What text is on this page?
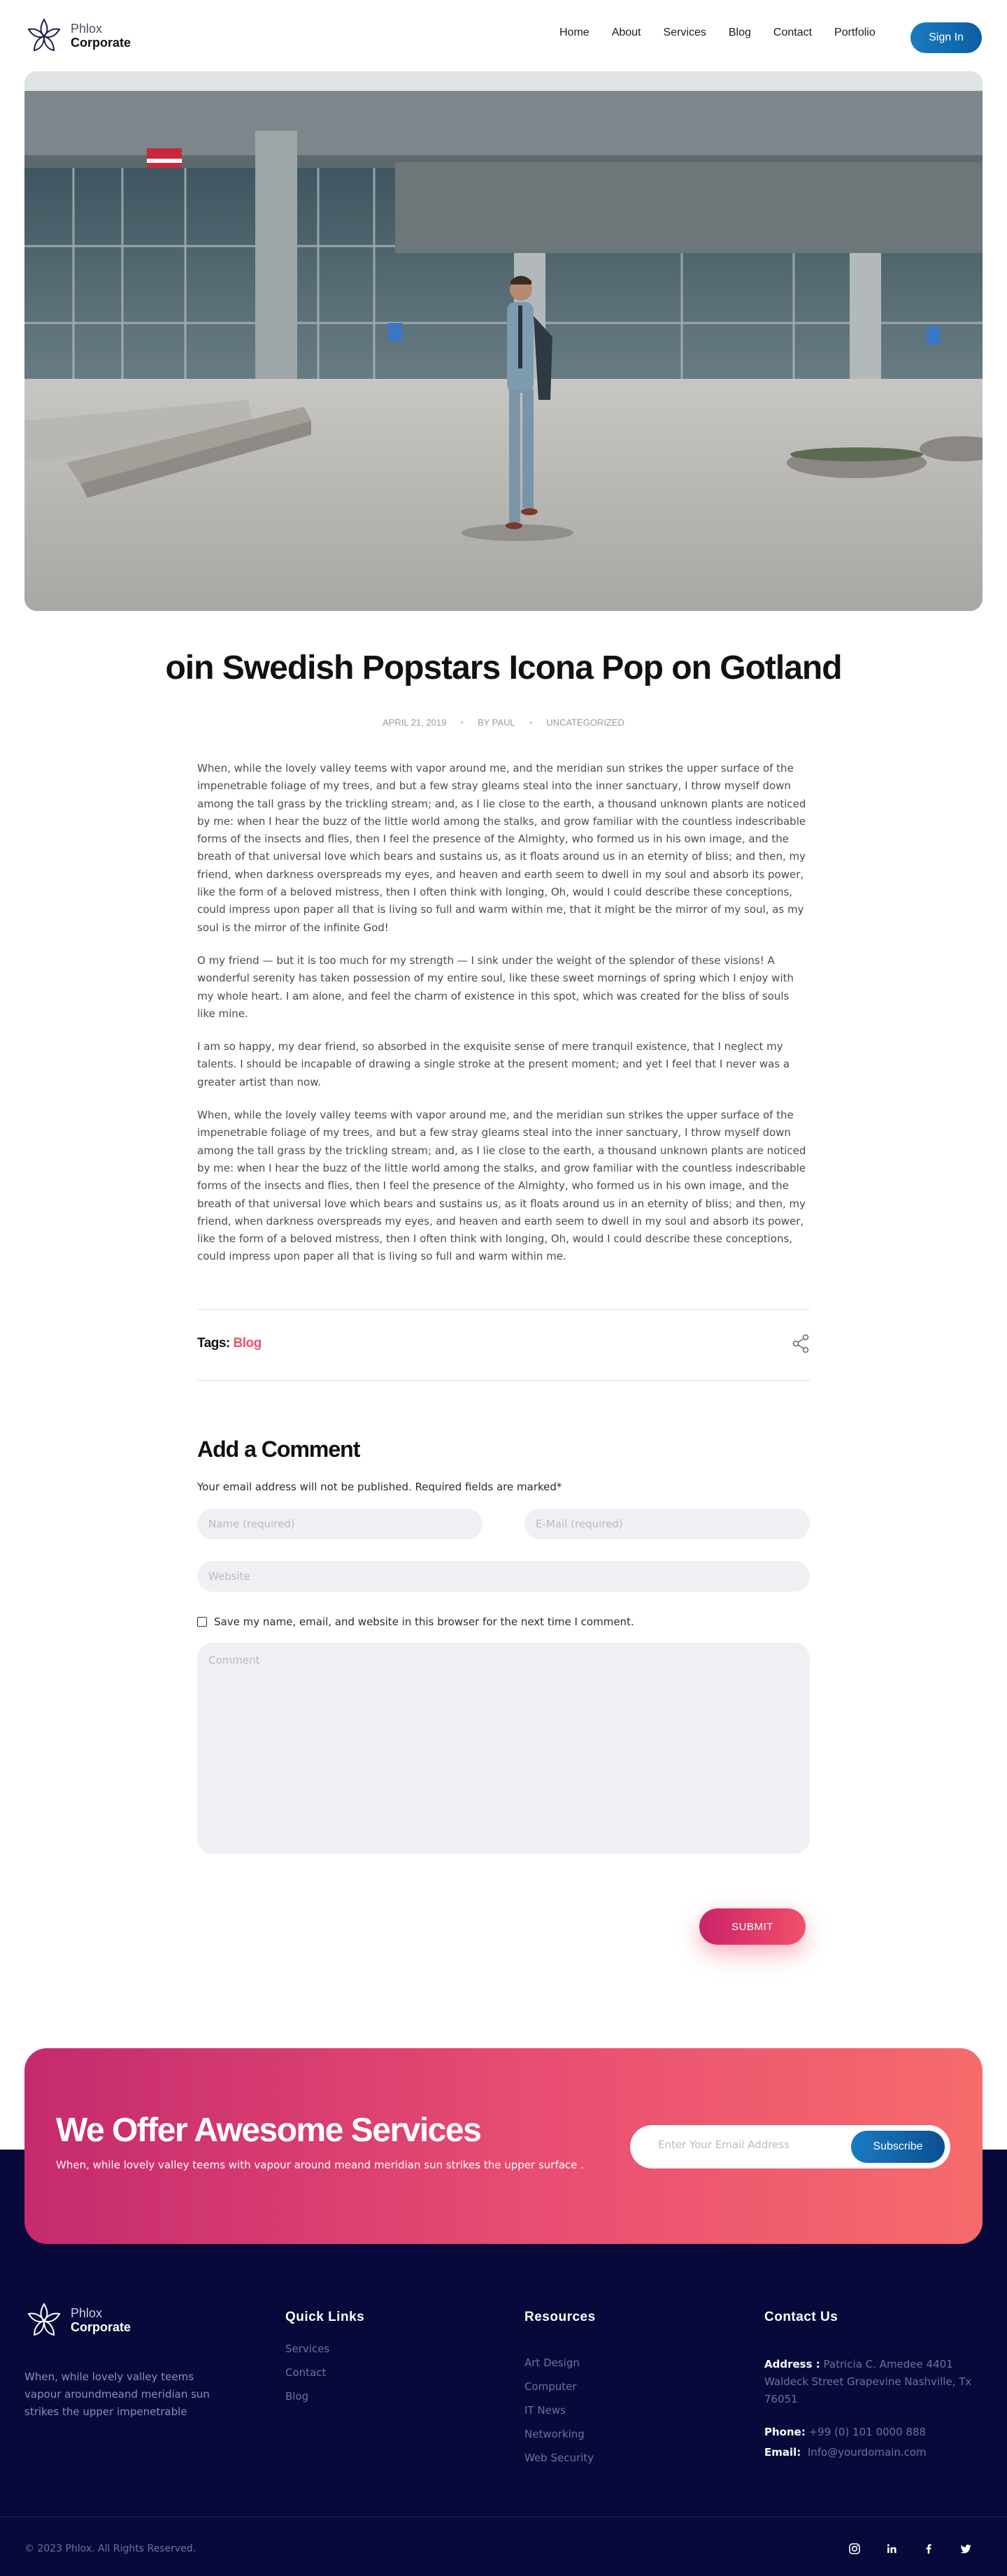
Phlox
Corporate
Home About Services Blog Contact Portfolio	Sign In
oin Swedish Popstars Icona Pop on Gotland
APRIL 21, 2019 • BY PAUL • UNCATEGORIZED

When, while the lovely valley teems with vapor around me, and the meridian sun strikes the upper surface of the impenetrable foliage of my trees, and but a few stray gleams steal into the inner sanctuary, I throw myself down among the tall grass by the trickling stream; and, as I lie close to the earth, a thousand unknown plants are noticed by me: when I hear the buzz of the little world among the stalks, and grow familiar with the countless indescribable forms of the insects and flies, then I feel the presence of the Almighty, who formed us in his own image, and the breath of that universal love which bears and sustains us, as it floats around us in an eternity of bliss; and then, my friend, when darkness overspreads my eyes, and heaven and earth seem to dwell in my soul and absorb its power, like the form of a beloved mistress, then I often think with longing, Oh, would I could describe these conceptions, could impress upon paper all that is living so full and warm within me, that it might be the mirror of my soul, as my soul is the mirror of the infinite God!

O my friend — but it is too much for my strength — I sink under the weight of the splendor of these visions! A wonderful serenity has taken possession of my entire soul, like these sweet mornings of spring which I enjoy with my whole heart. I am alone, and feel the charm of existence in this spot, which was created for the bliss of souls like mine.

I am so happy, my dear friend, so absorbed in the exquisite sense of mere tranquil existence, that I neglect my talents. I should be incapable of drawing a single stroke at the present moment; and yet I feel that I never was a greater artist than now.

When, while the lovely valley teems with vapor around me, and the meridian sun strikes the upper surface of the impenetrable foliage of my trees, and but a few stray gleams steal into the inner sanctuary, I throw myself down among the tall grass by the trickling stream; and, as I lie close to the earth, a thousand unknown plants are noticed by me: when I hear the buzz of the little world among the stalks, and grow familiar with the countless indescribable forms of the insects and flies, then I feel the presence of the Almighty, who formed us in his own image, and the breath of that universal love which bears and sustains us, as it floats around us in an eternity of bliss; and then, my friend, when darkness overspreads my eyes, and heaven and earth seem to dwell in my soul and absorb its power, like the form of a beloved mistress, then I often think with longing, Oh, would I could describe these conceptions, could impress upon paper all that is living so full and warm within me.

Tags: Blog
Add a Comment

Your email address will not be published. Required fields are marked*

Name (required)
E-Mail (required)
Website
Save my name, email, and website in this browser for the next time I comment.
Comment
SUBMIT
We Offer Awesome Services
When, while lovely valley teems with vapour around meand meridian sun strikes the upper surface .
Enter Your Email Address
Subscribe
Phlox
Corporate

When, while lovely valley teems vapour aroundmeand meridian sun strikes the upper impenetrable

Quick Links
Services
Contact
Blog
Resources
Art Design
Computer
IT News
Networking
Web Security
Contact Us
Address : Patricia C. Amedee 4401 Waldeck Street Grapevine Nashville, Tx 76051
Phone: +99 (0) 101 0000 888
Email: Info@yourdomain.com
© 2023 Phlox. All Rights Reserved.
